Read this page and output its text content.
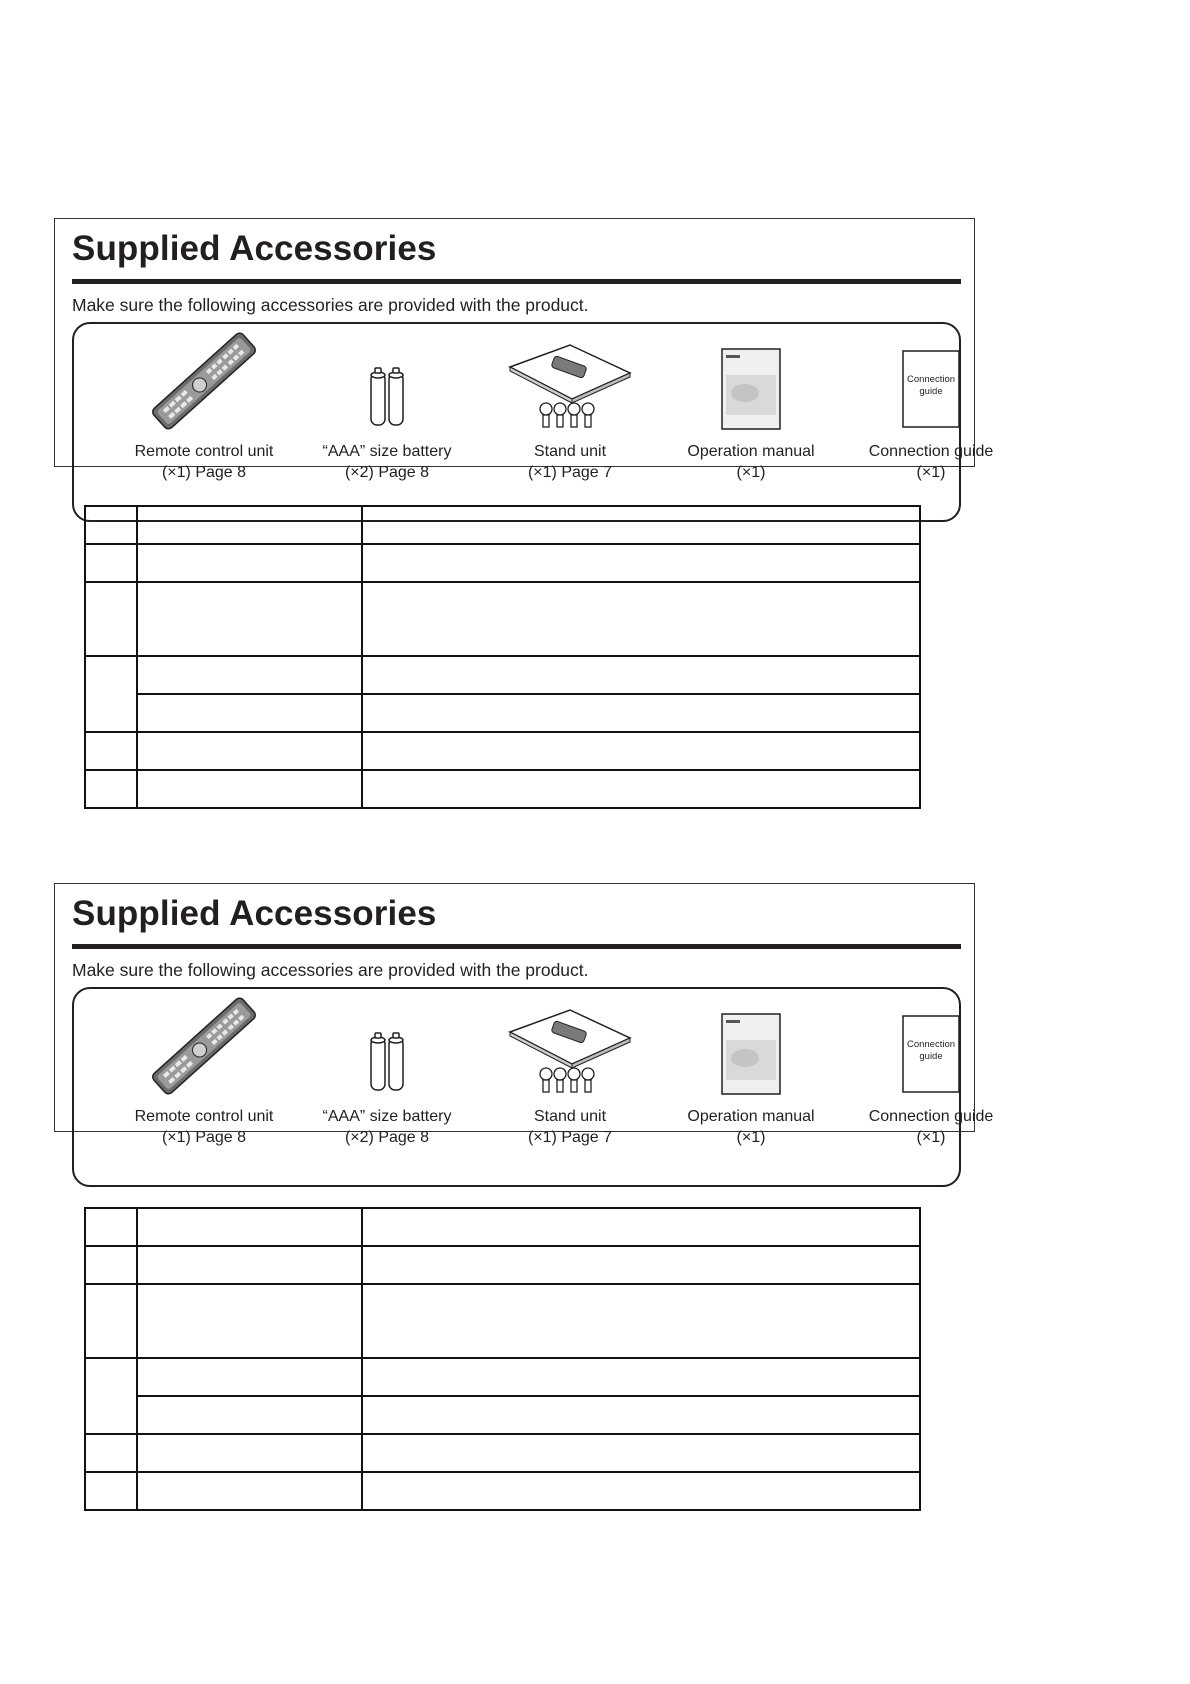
Supplied Accessories
Make sure the following accessories are provided with the product.
Remote control unit
(×1) Page 8
“AAA” size battery
(×2) Page 8
Stand unit
(×1) Page 7
Operation manual
(×1)
Connection guide
Connection guide
(×1)

Supplied Accessories
Make sure the following accessories are provided with the product.
Remote control unit
(×1) Page 8
“AAA” size battery
(×2) Page 8
Stand unit
(×1) Page 7
Operation manual
(×1)
Connection guide
Connection guide
(×1)
